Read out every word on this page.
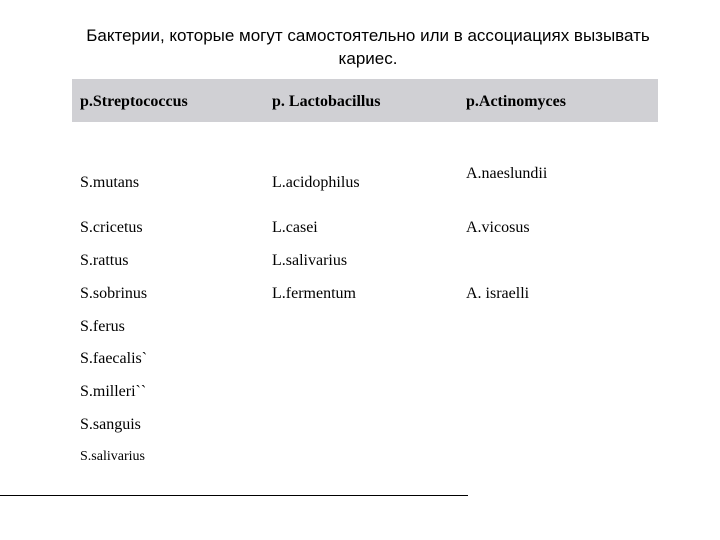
Бактерии, которые могут самостоятельно или в ассоциациях вызывать
кариес.
p.Streptococcus	p. Lactobacillus	p.Actinomyces
S.mutans
S.cricetus
S.rattus
S.sobrinus
S.ferus
S.faecalis`
S.milleri``
S.sanguis
S.salivarius
L.acidophilus
L.casei
L.salivarius
L.fermentum
A.naeslundii
A.vicosus
A. israelli
